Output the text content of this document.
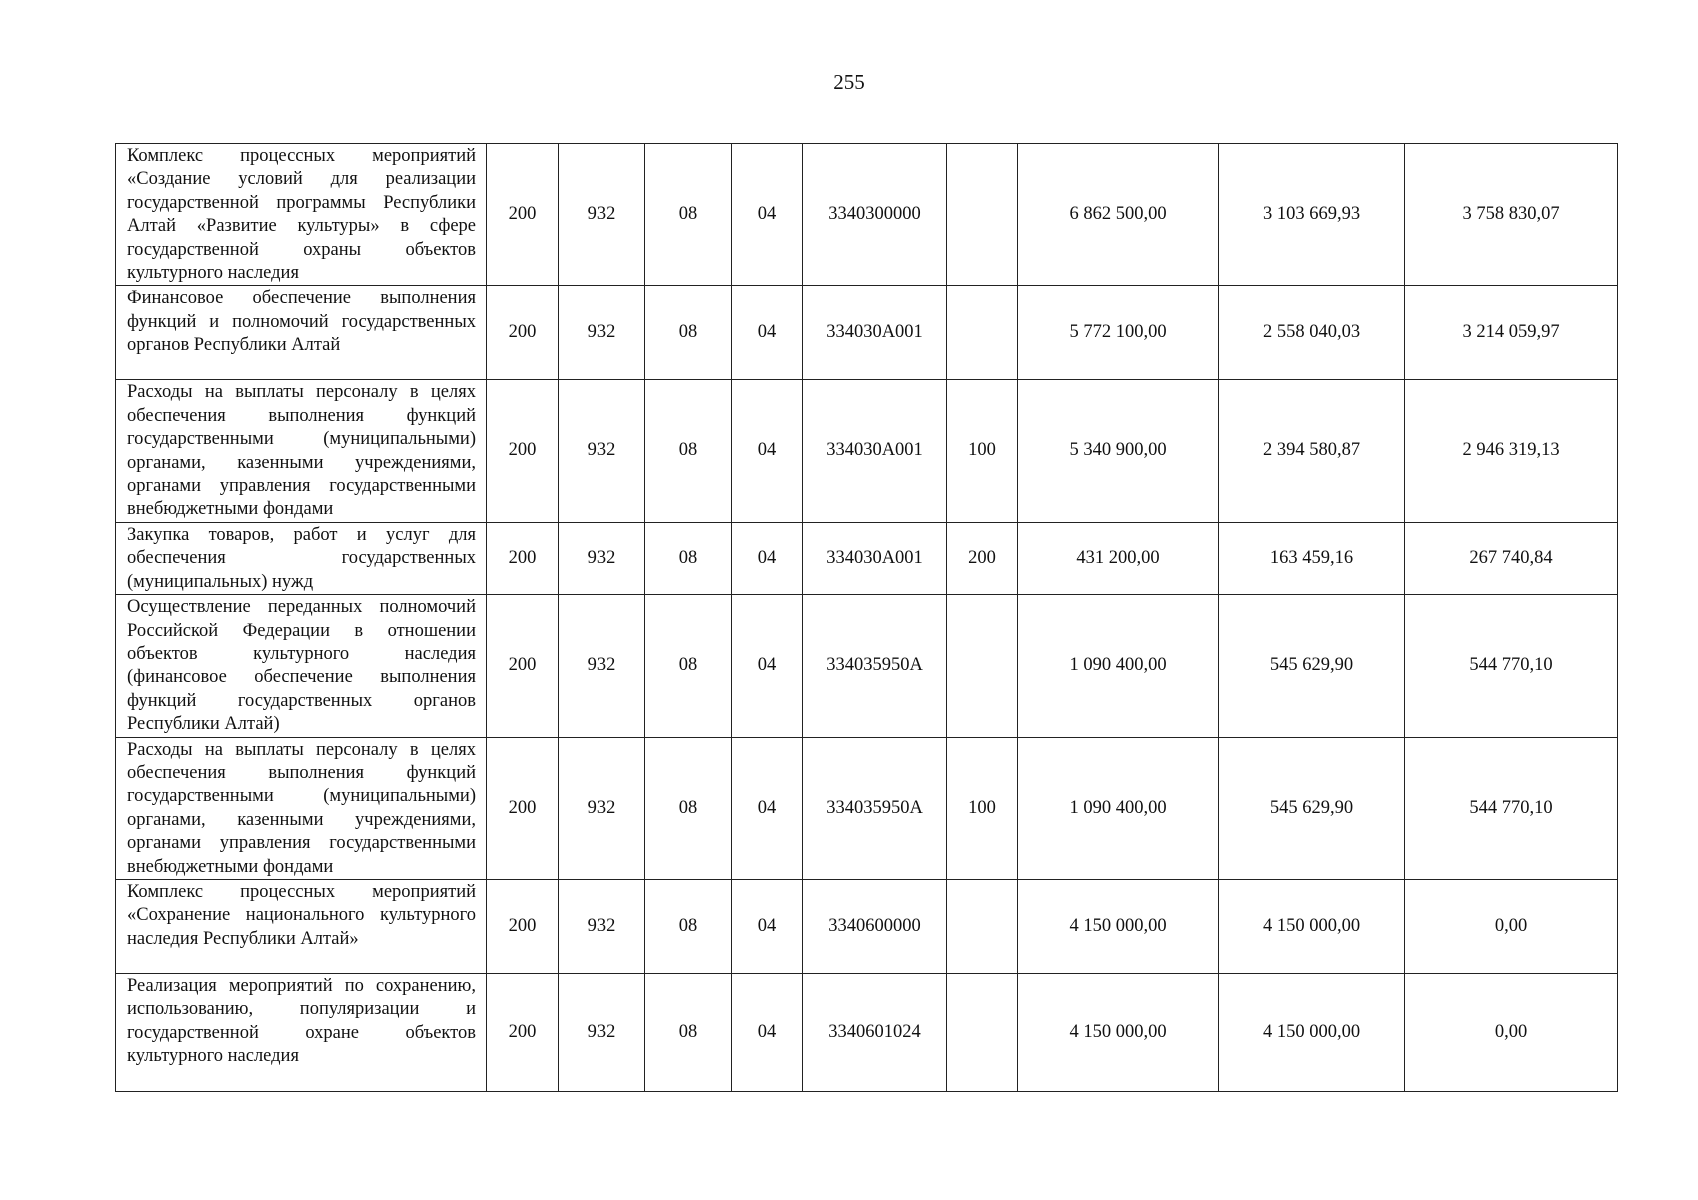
255
Комплекс процессных мероприятий «Создание условий для реализации государственной программы Республики Алтай «Развитие культуры» в сфере государственной охраны объектов культурного наследия	200	932	08	04	3340300000		6 862 500,00	3 103 669,93	3 758 830,07
Финансовое обеспечение выполнения функций и полномочий государственных органов Республики Алтай	200	932	08	04	334030А001		5 772 100,00	2 558 040,03	3 214 059,97
Расходы на выплаты персоналу в целях обеспечения выполнения функций государственными (муниципальными) органами, казенными учреждениями, органами управления государственными внебюджетными фондами	200	932	08	04	334030А001	100	5 340 900,00	2 394 580,87	2 946 319,13
Закупка товаров, работ и услуг для обеспечения государственных (муниципальных) нужд	200	932	08	04	334030А001	200	431 200,00	163 459,16	267 740,84
Осуществление переданных полномочий Российской Федерации в отношении объектов культурного наследия (финансовое обеспечение выполнения функций государственных органов Республики Алтай)	200	932	08	04	334035950А		1 090 400,00	545 629,90	544 770,10
Расходы на выплаты персоналу в целях обеспечения выполнения функций государственными (муниципальными) органами, казенными учреждениями, органами управления государственными внебюджетными фондами	200	932	08	04	334035950А	100	1 090 400,00	545 629,90	544 770,10
Комплекс процессных мероприятий «Сохранение национального культурного наследия Республики Алтай»	200	932	08	04	3340600000		4 150 000,00	4 150 000,00	0,00
Реализация мероприятий по сохранению, использованию, популяризации и государственной охране объектов культурного наследия	200	932	08	04	3340601024		4 150 000,00	4 150 000,00	0,00
